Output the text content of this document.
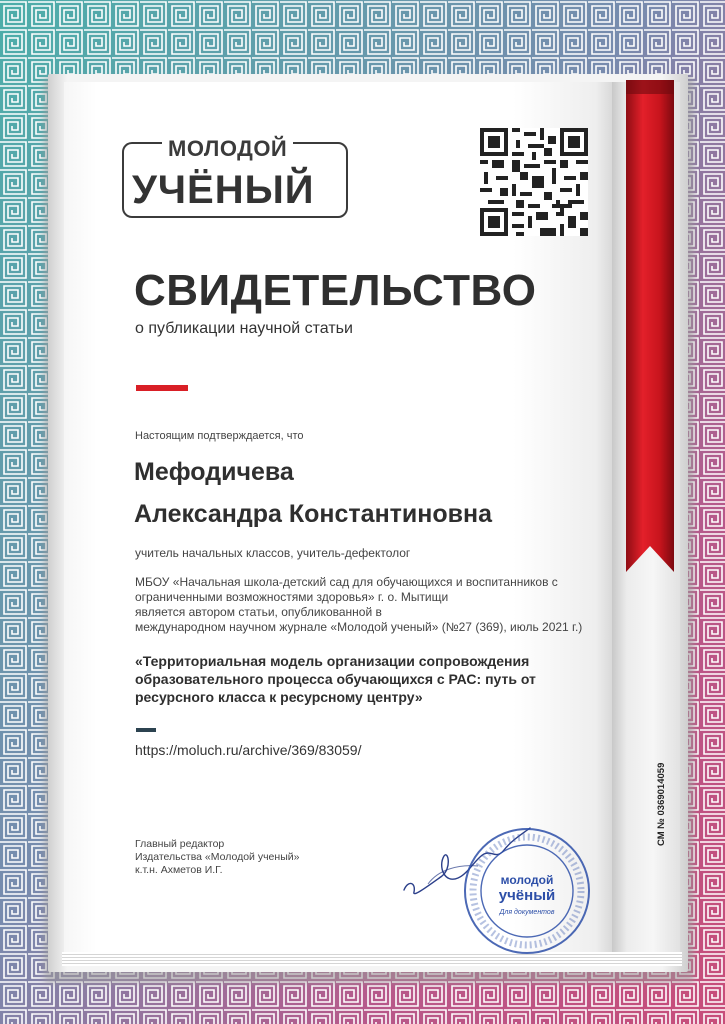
МОЛОДОЙ
УЧЁНЫЙ
СВИДЕТЕЛЬСТВО
о публикации научной статьи
Настоящим подтверждается, что
Мефодичева
Александра Константиновна
учитель начальных классов, учитель-дефектолог
МБОУ «Начальная школа-детский сад для обучающихся и воспитанников с
ограниченными возможностями здоровья» г. о. Мытищи
является автором статьи, опубликованной в
международном научном журнале «Молодой ученый» (№27 (369), июль 2021 г.)
«Территориальная модель организации сопровождения
образовательного процесса обучающихся с РАС: путь от
ресурсного класса к ресурсному центру»
https://moluch.ru/archive/369/83059/
Главный редактор
Издательства «Молодой ученый»
к.т.н. Ахметов И.Г.
молодой
учёный
Для документов
СМ № 0369014059
